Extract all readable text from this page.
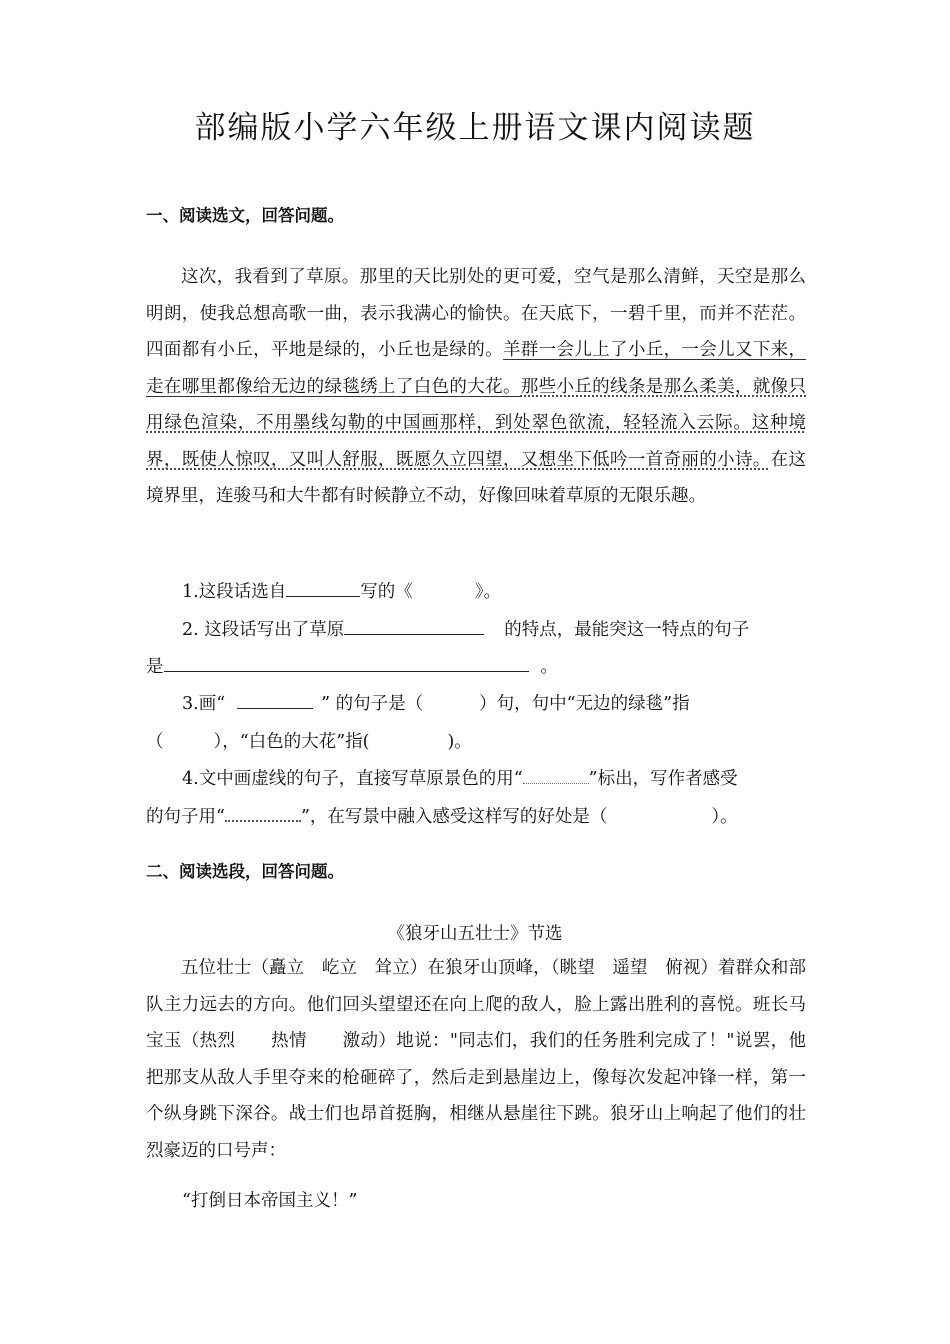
部编版小学六年级上册语文课内阅读题
一、阅读选文，回答问题。
这次，我看到了草原。那里的天比别处的更可爱，空气是那么清鲜，天空是那么明朗，使我总想高歌一曲，表示我满心的愉快。在天底下，一碧千里，而并不茫茫。四面都有小丘，平地是绿的，小丘也是绿的。羊群一会儿上了小丘，一会儿又下来，走在哪里都像给无边的绿毯绣上了白色的大花。那些小丘的线条是那么柔美，就像只用绿色渲染，不用墨线勾勒的中国画那样，到处翠色欲流，轻轻流入云际。这种境界，既使人惊叹，又叫人舒服，既愿久立四望，又想坐下低吟一首奇丽的小诗。在这境界里，连骏马和大牛都有时候静立不动，好像回味着草原的无限乐趣。
1.这段话选自	写的《	》。
2. 这段话写出了草原	的特点，最能突这一特点的句子
是	。
3.画“	” 的句子是（	）句，句中“无边的绿毯”指
（	），“白色的大花”指(	)。
4.文中画虚线的句子，直接写草原景色的用“	”标出，写作者感受
的句子用“	”，在写景中融入感受这样写的好处是（	）。
二、阅读选段，回答问题。
《狼牙山五壮士》节选
五位壮士（矗立　屹立　耸立）在狼牙山顶峰，（眺望　遥望　俯视）着群众和部队主力远去的方向。他们回头望望还在向上爬的敌人，脸上露出胜利的喜悦。班长马宝玉（热烈　　热情　　激动）地说："同志们，我们的任务胜利完成了！"说罢，他把那支从敌人手里夺来的枪砸碎了，然后走到悬崖边上，像每次发起冲锋一样，第一个纵身跳下深谷。战士们也昂首挺胸，相继从悬崖往下跳。狼牙山上响起了他们的壮烈豪迈的口号声：
“打倒日本帝国主义！”
